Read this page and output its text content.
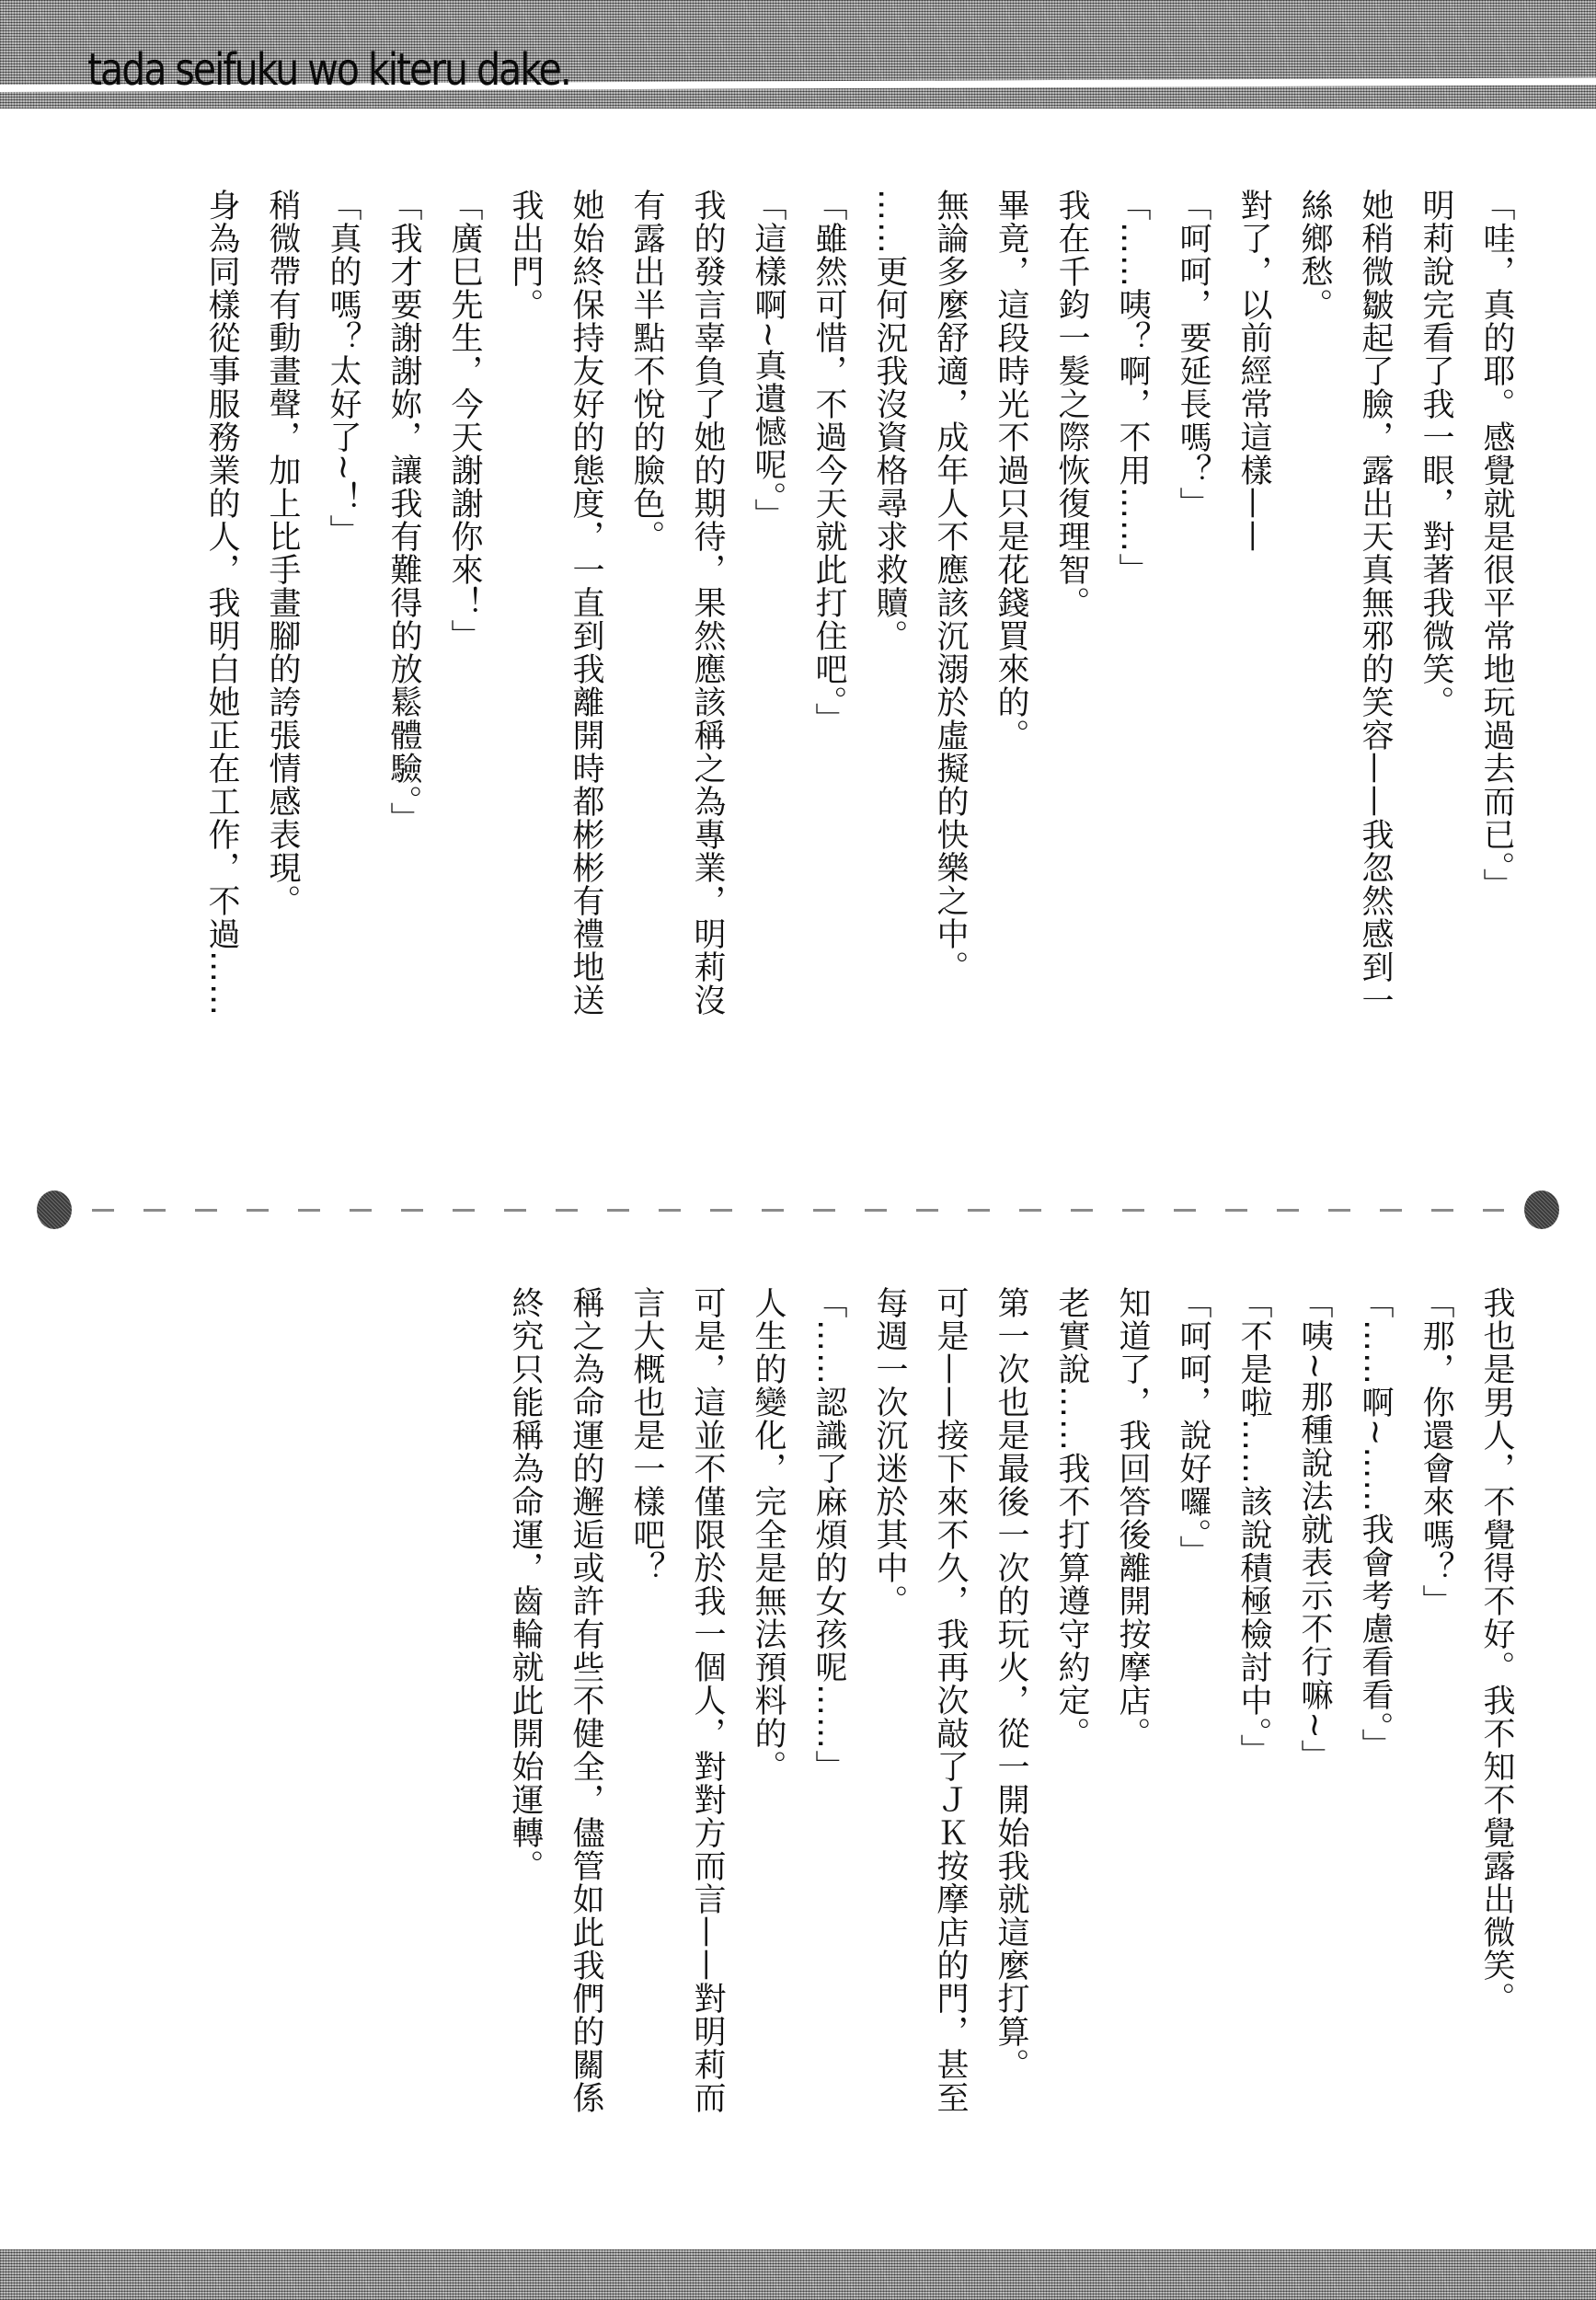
tada seifuku wo kiteru dake.

「哇，真的耶。感覺就是很平常地玩過去而已。」

明莉說完看了我一眼，對著我微笑。

她稍微皺起了臉，露出天真無邪的笑容——我忽然感到一

絲鄉愁。

對了，以前經常這樣——

「呵呵，要延長嗎？」

「……咦？啊，不用……」

我在千鈞一髮之際恢復理智。

畢竟，這段時光不過只是花錢買來的。

無論多麼舒適，成年人不應該沉溺於虛擬的快樂之中。

……更何況我沒資格尋求救贖。

「雖然可惜，不過今天就此打住吧。」

「這樣啊~真遺憾呢。」

我的發言辜負了她的期待，果然應該稱之為專業，明莉沒

有露出半點不悅的臉色。

她始終保持友好的態度，一直到我離開時都彬彬有禮地送

我出門。

「廣巳先生，今天謝謝你來！」

「我才要謝謝妳，讓我有難得的放鬆體驗。」

「真的嗎？太好了~！」

稍微帶有動畫聲，加上比手畫腳的誇張情感表現。

身為同樣從事服務業的人，我明白她正在工作，不過……

我也是男人，不覺得不好。我不知不覺露出微笑。

「那，你還會來嗎？」

「……啊~……我會考慮看看。」

「咦~那種說法就表示不行嘛~」

「不是啦……該說積極檢討中。」

「呵呵，說好囉。」

知道了，我回答後離開按摩店。

老實說……我不打算遵守約定。

第一次也是最後一次的玩火，從一開始我就這麼打算。

可是——接下來不久，我再次敲了ＪＫ按摩店的門，甚至

每週一次沉迷於其中。

「……認識了麻煩的女孩呢……」

人生的變化，完全是無法預料的。

可是，這並不僅限於我一個人，對對方而言——對明莉而

言大概也是一樣吧？

稱之為命運的邂逅或許有些不健全，儘管如此我們的關係

終究只能稱為命運，齒輪就此開始運轉。
